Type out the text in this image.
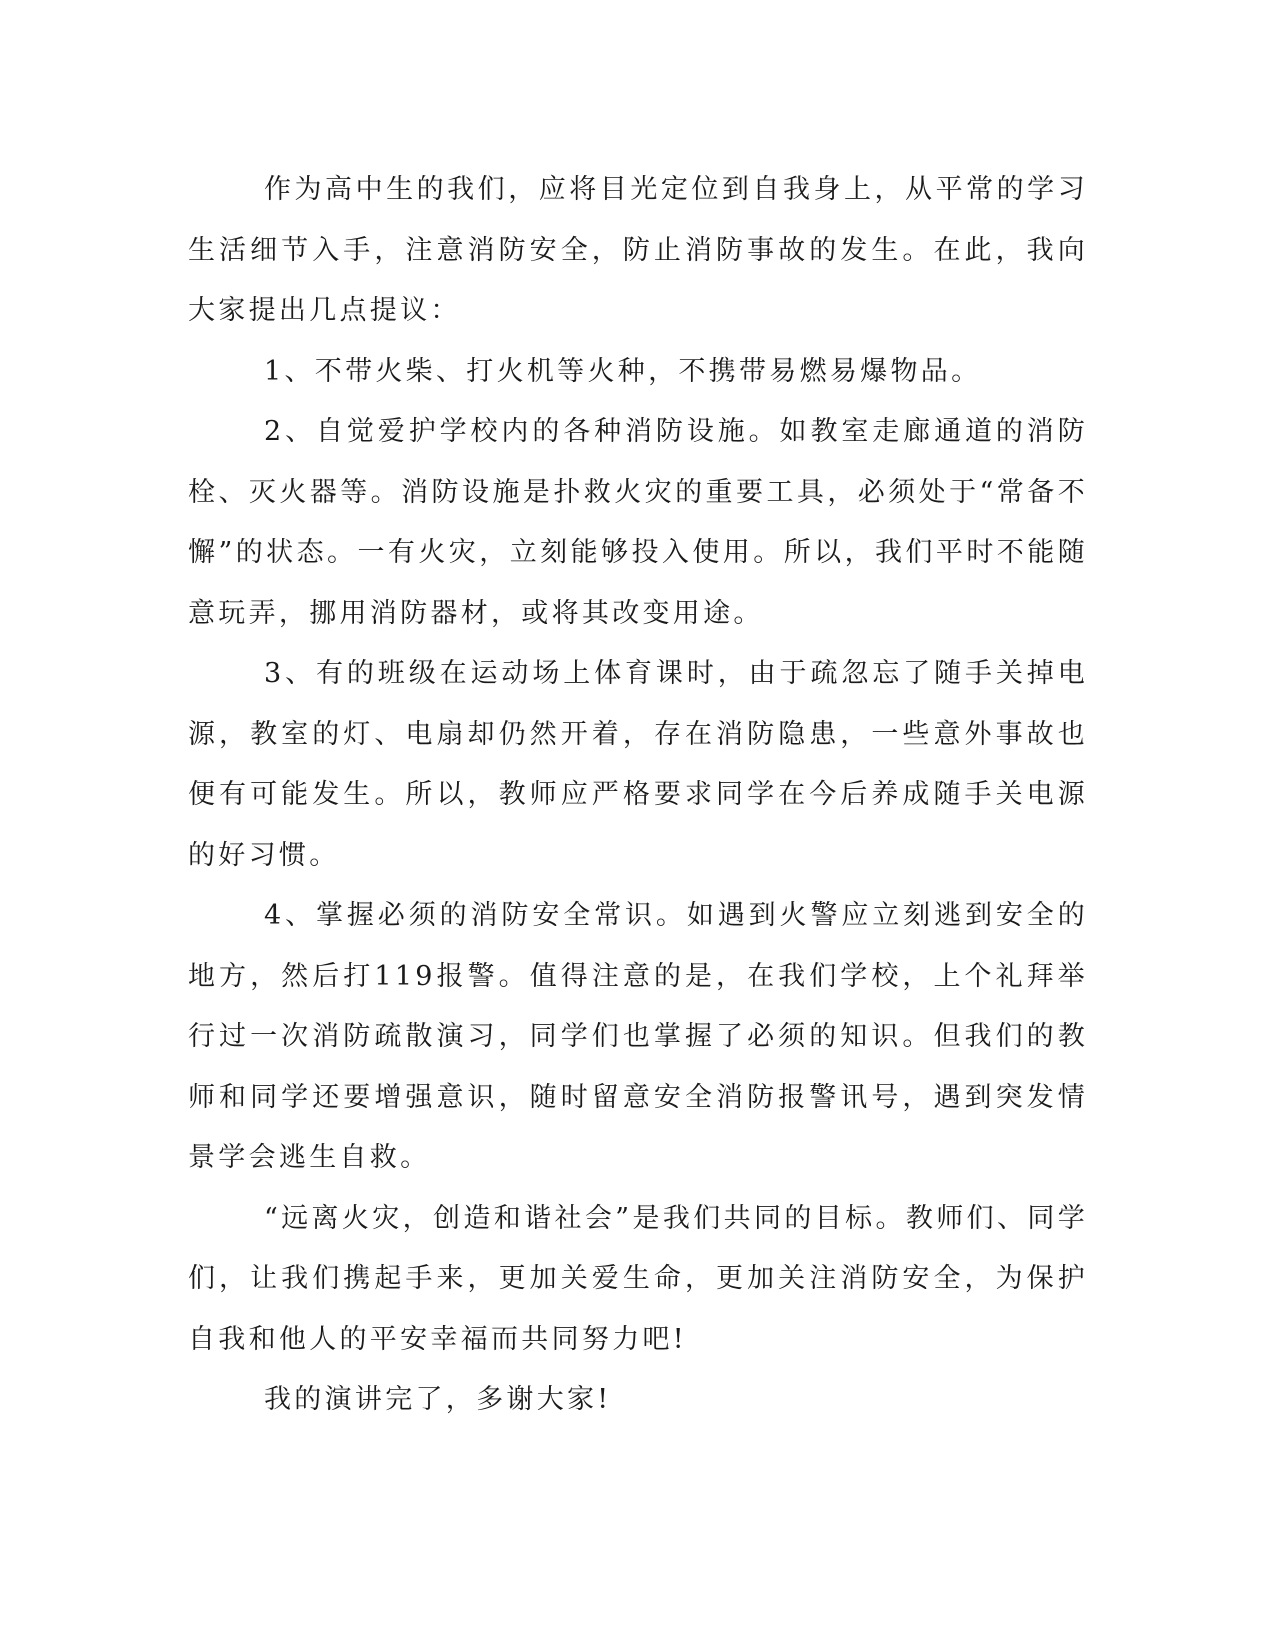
作为高中生的我们，应将目光定位到自我身上，从平常的学习生活细节入手，注意消防安全，防止消防事故的发生。在此，我向大家提出几点提议：

1、不带火柴、打火机等火种，不携带易燃易爆物品。

2、自觉爱护学校内的各种消防设施。如教室走廊通道的消防栓、灭火器等。消防设施是扑救火灾的重要工具，必须处于“常备不懈”的状态。一有火灾，立刻能够投入使用。所以，我们平时不能随意玩弄，挪用消防器材，或将其改变用途。

3、有的班级在运动场上体育课时，由于疏忽忘了随手关掉电源，教室的灯、电扇却仍然开着，存在消防隐患，一些意外事故也便有可能发生。所以，教师应严格要求同学在今后养成随手关电源的好习惯。

4、掌握必须的消防安全常识。如遇到火警应立刻逃到安全的地方，然后打119报警。值得注意的是，在我们学校，上个礼拜举行过一次消防疏散演习，同学们也掌握了必须的知识。但我们的教师和同学还要增强意识，随时留意安全消防报警讯号，遇到突发情景学会逃生自救。

“远离火灾，创造和谐社会”是我们共同的目标。教师们、同学们，让我们携起手来，更加关爱生命，更加关注消防安全，为保护自我和他人的平安幸福而共同努力吧!

我的演讲完了，多谢大家!
